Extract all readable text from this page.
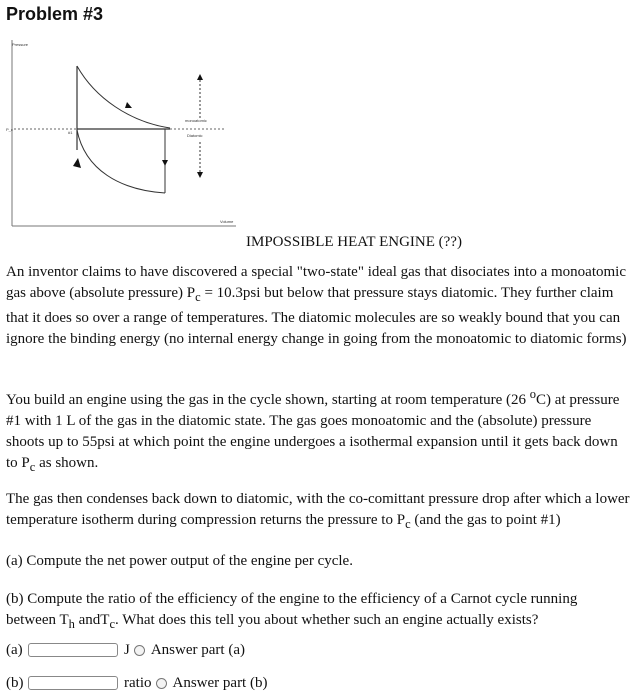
Problem #3
Pressure
P_c
Volume
#1
monoatomic
Diatomic
IMPOSSIBLE HEAT ENGINE (??)
An inventor claims to have discovered a special "two-state" ideal gas that disociates into a monoatomic gas above (absolute pressure) $P_c = 10.3psi$ but below that pressure stays diatomic. They further claim that it does so over a range of temperatures. The diatomic molecules are so weakly bound that you can ignore the binding energy (no internal energy change in going from the monoatomic to diatomic forms)
You build an engine using the gas in the cycle shown, starting at room temperature (26 $^o$C) at pressure #1 with 1 L of the gas in the diatomic state. The gas goes monoatomic and the (absolute) pressure shoots up to 55psi at which point the engine undergoes a isothermal expansion until it gets back down to $P_c$ as shown.
The gas then condenses back down to diatomic, with the co-comittant pressure drop after which a lower temperature isotherm during compression returns the pressure to $P_c$ (and the gas to point #1)
(a) Compute the net power output of the engine per cycle.
(b) Compute the ratio of the efficiency of the engine to the efficiency of a Carnot cycle running between $T_h$ andT$_c$. What does this tell you about whether such an engine actually exists?
(a)	J Answer part (a)
(b)	ratio Answer part (b)
